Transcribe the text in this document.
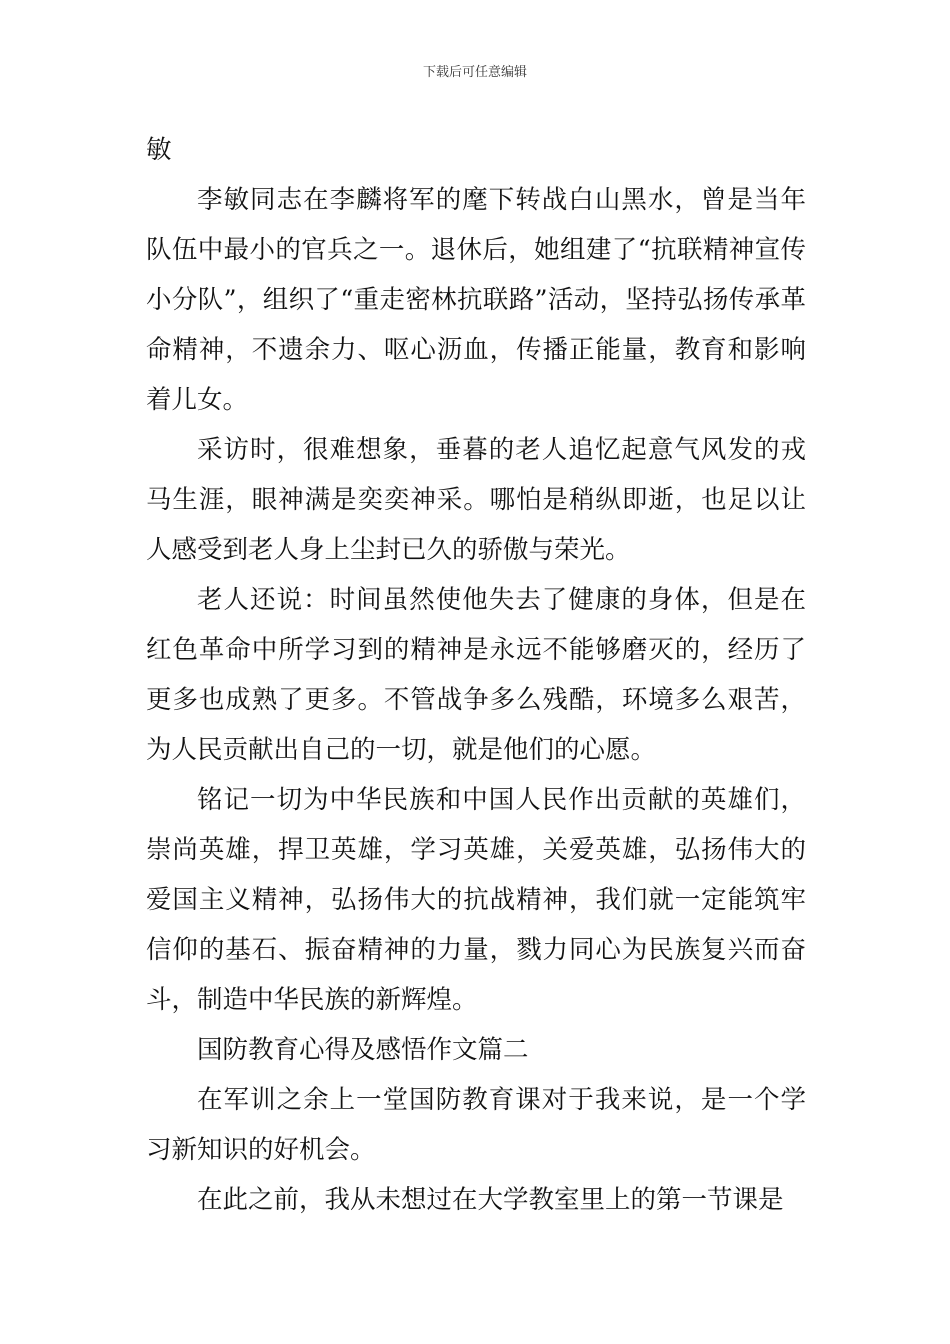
下载后可任意编辑

敏

李敏同志在李麟将军的麾下转战白山黑水，曾是当年队伍中最小的官兵之一。退休后，她组建了“抗联精神宣传小分队”，组织了“重走密林抗联路”活动，坚持弘扬传承革命精神，不遗余力、呕心沥血，传播正能量，教育和影响着儿女。

采访时，很难想象，垂暮的老人追忆起意气风发的戎马生涯，眼神满是奕奕神采。哪怕是稍纵即逝，也足以让人感受到老人身上尘封已久的骄傲与荣光。

老人还说：时间虽然使他失去了健康的身体，但是在红色革命中所学习到的精神是永远不能够磨灭的，经历了更多也成熟了更多。不管战争多么残酷，环境多么艰苦，为人民贡献出自己的一切，就是他们的心愿。

铭记一切为中华民族和中国人民作出贡献的英雄们，崇尚英雄，捍卫英雄，学习英雄，关爱英雄，弘扬伟大的爱国主义精神，弘扬伟大的抗战精神，我们就一定能筑牢信仰的基石、振奋精神的力量，戮力同心为民族复兴而奋斗，制造中华民族的新辉煌。

国防教育心得及感悟作文篇二

在军训之余上一堂国防教育课对于我来说，是一个学习新知识的好机会。

在此之前，我从未想过在大学教室里上的第一节课是
